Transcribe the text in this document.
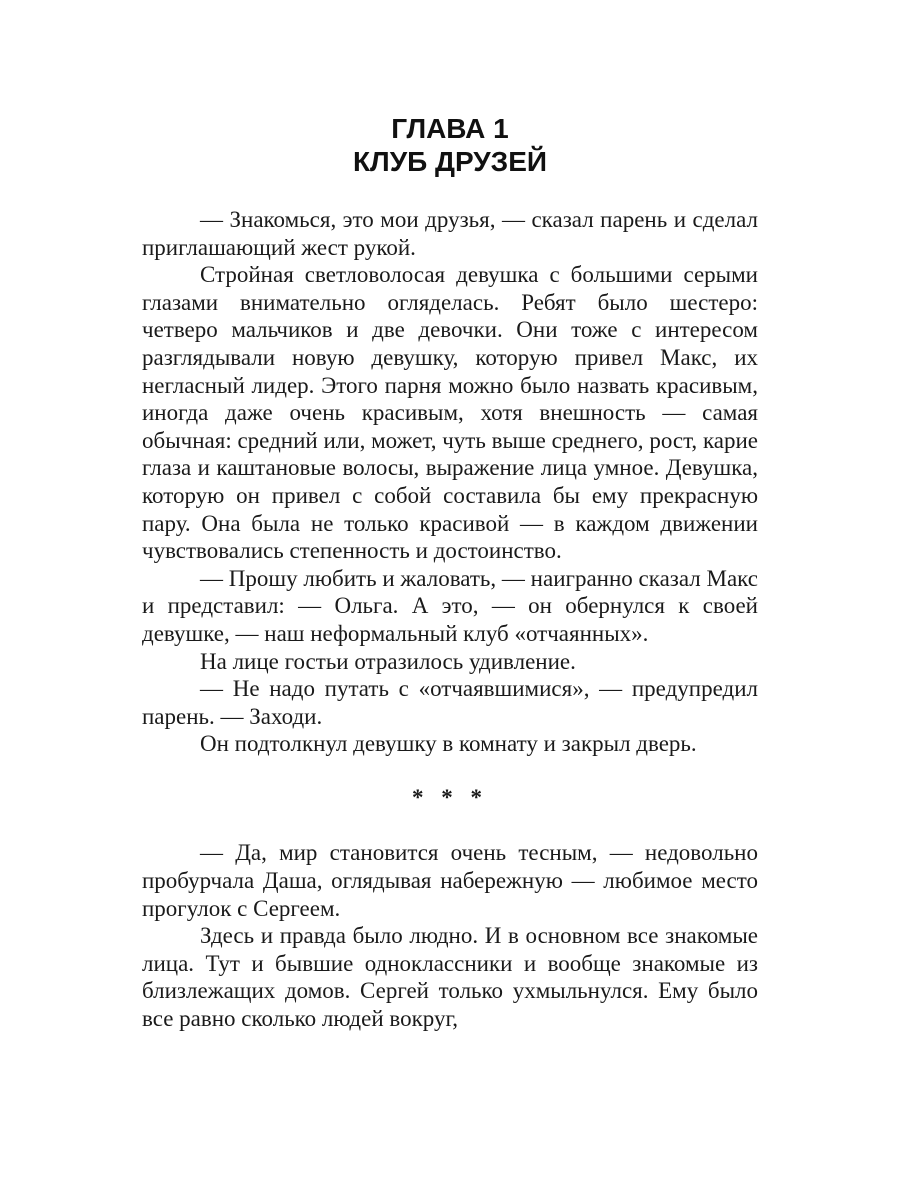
ГЛАВА 1
КЛУБ ДРУЗЕЙ

— Знакомься, это мои друзья, — сказал парень и сделал приглашающий жест рукой.

Стройная светловолосая девушка с большими серыми глазами внимательно огляделась. Ребят было шестеро: четверо мальчиков и две девочки. Они тоже с интересом разглядывали новую девушку, которую привел Макс, их негласный лидер. Этого парня можно было назвать красивым, иногда даже очень красивым, хотя внешность — самая обычная: средний или, может, чуть выше среднего, рост, карие глаза и каштановые волосы, выражение лица умное. Девушка, которую он привел с собой составила бы ему прекрасную пару. Она была не только красивой — в каждом движении чувствовались степенность и достоинство.

— Прошу любить и жаловать, — наигранно сказал Макс и представил: — Ольга. А это, — он обернулся к своей девушке, — наш неформальный клуб «отчаянных».

На лице гостьи отразилось удивление.

— Не надо путать с «отчаявшимися», — предупредил парень. — Заходи.

Он подтолкнул девушку в комнату и закрыл дверь.

* * *

— Да, мир становится очень тесным, — недовольно пробурчала Даша, оглядывая набережную — любимое место прогулок с Сергеем.

Здесь и правда было людно. И в основном все знакомые лица. Тут и бывшие одноклассники и вообще знакомые из близлежащих домов. Сергей только ухмыльнулся. Ему было все равно сколько людей вокруг,
